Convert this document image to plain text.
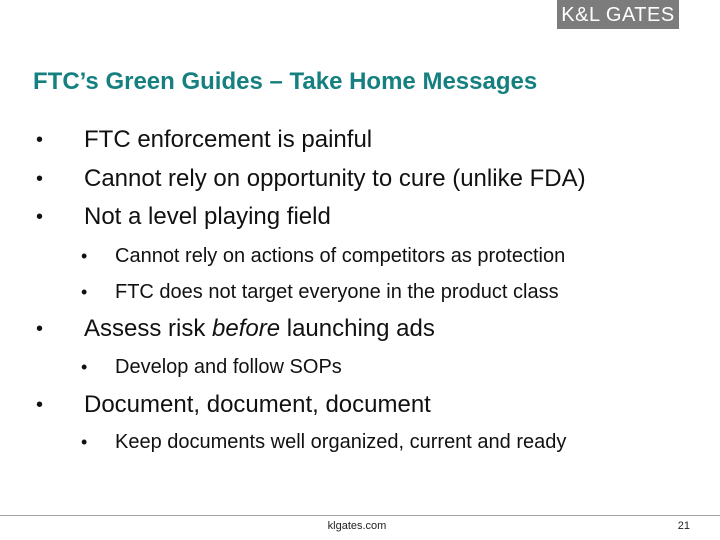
K&L GATES
FTC’s Green Guides – Take Home Messages
• FTC enforcement is painful
• Cannot rely on opportunity to cure (unlike FDA)
• Not a level playing field
• Cannot rely on actions of competitors as protection
• FTC does not target everyone in the product class
• Assess risk before launching ads
• Develop and follow SOPs
• Document, document, document
• Keep documents well organized, current and ready
klgates.com	21
